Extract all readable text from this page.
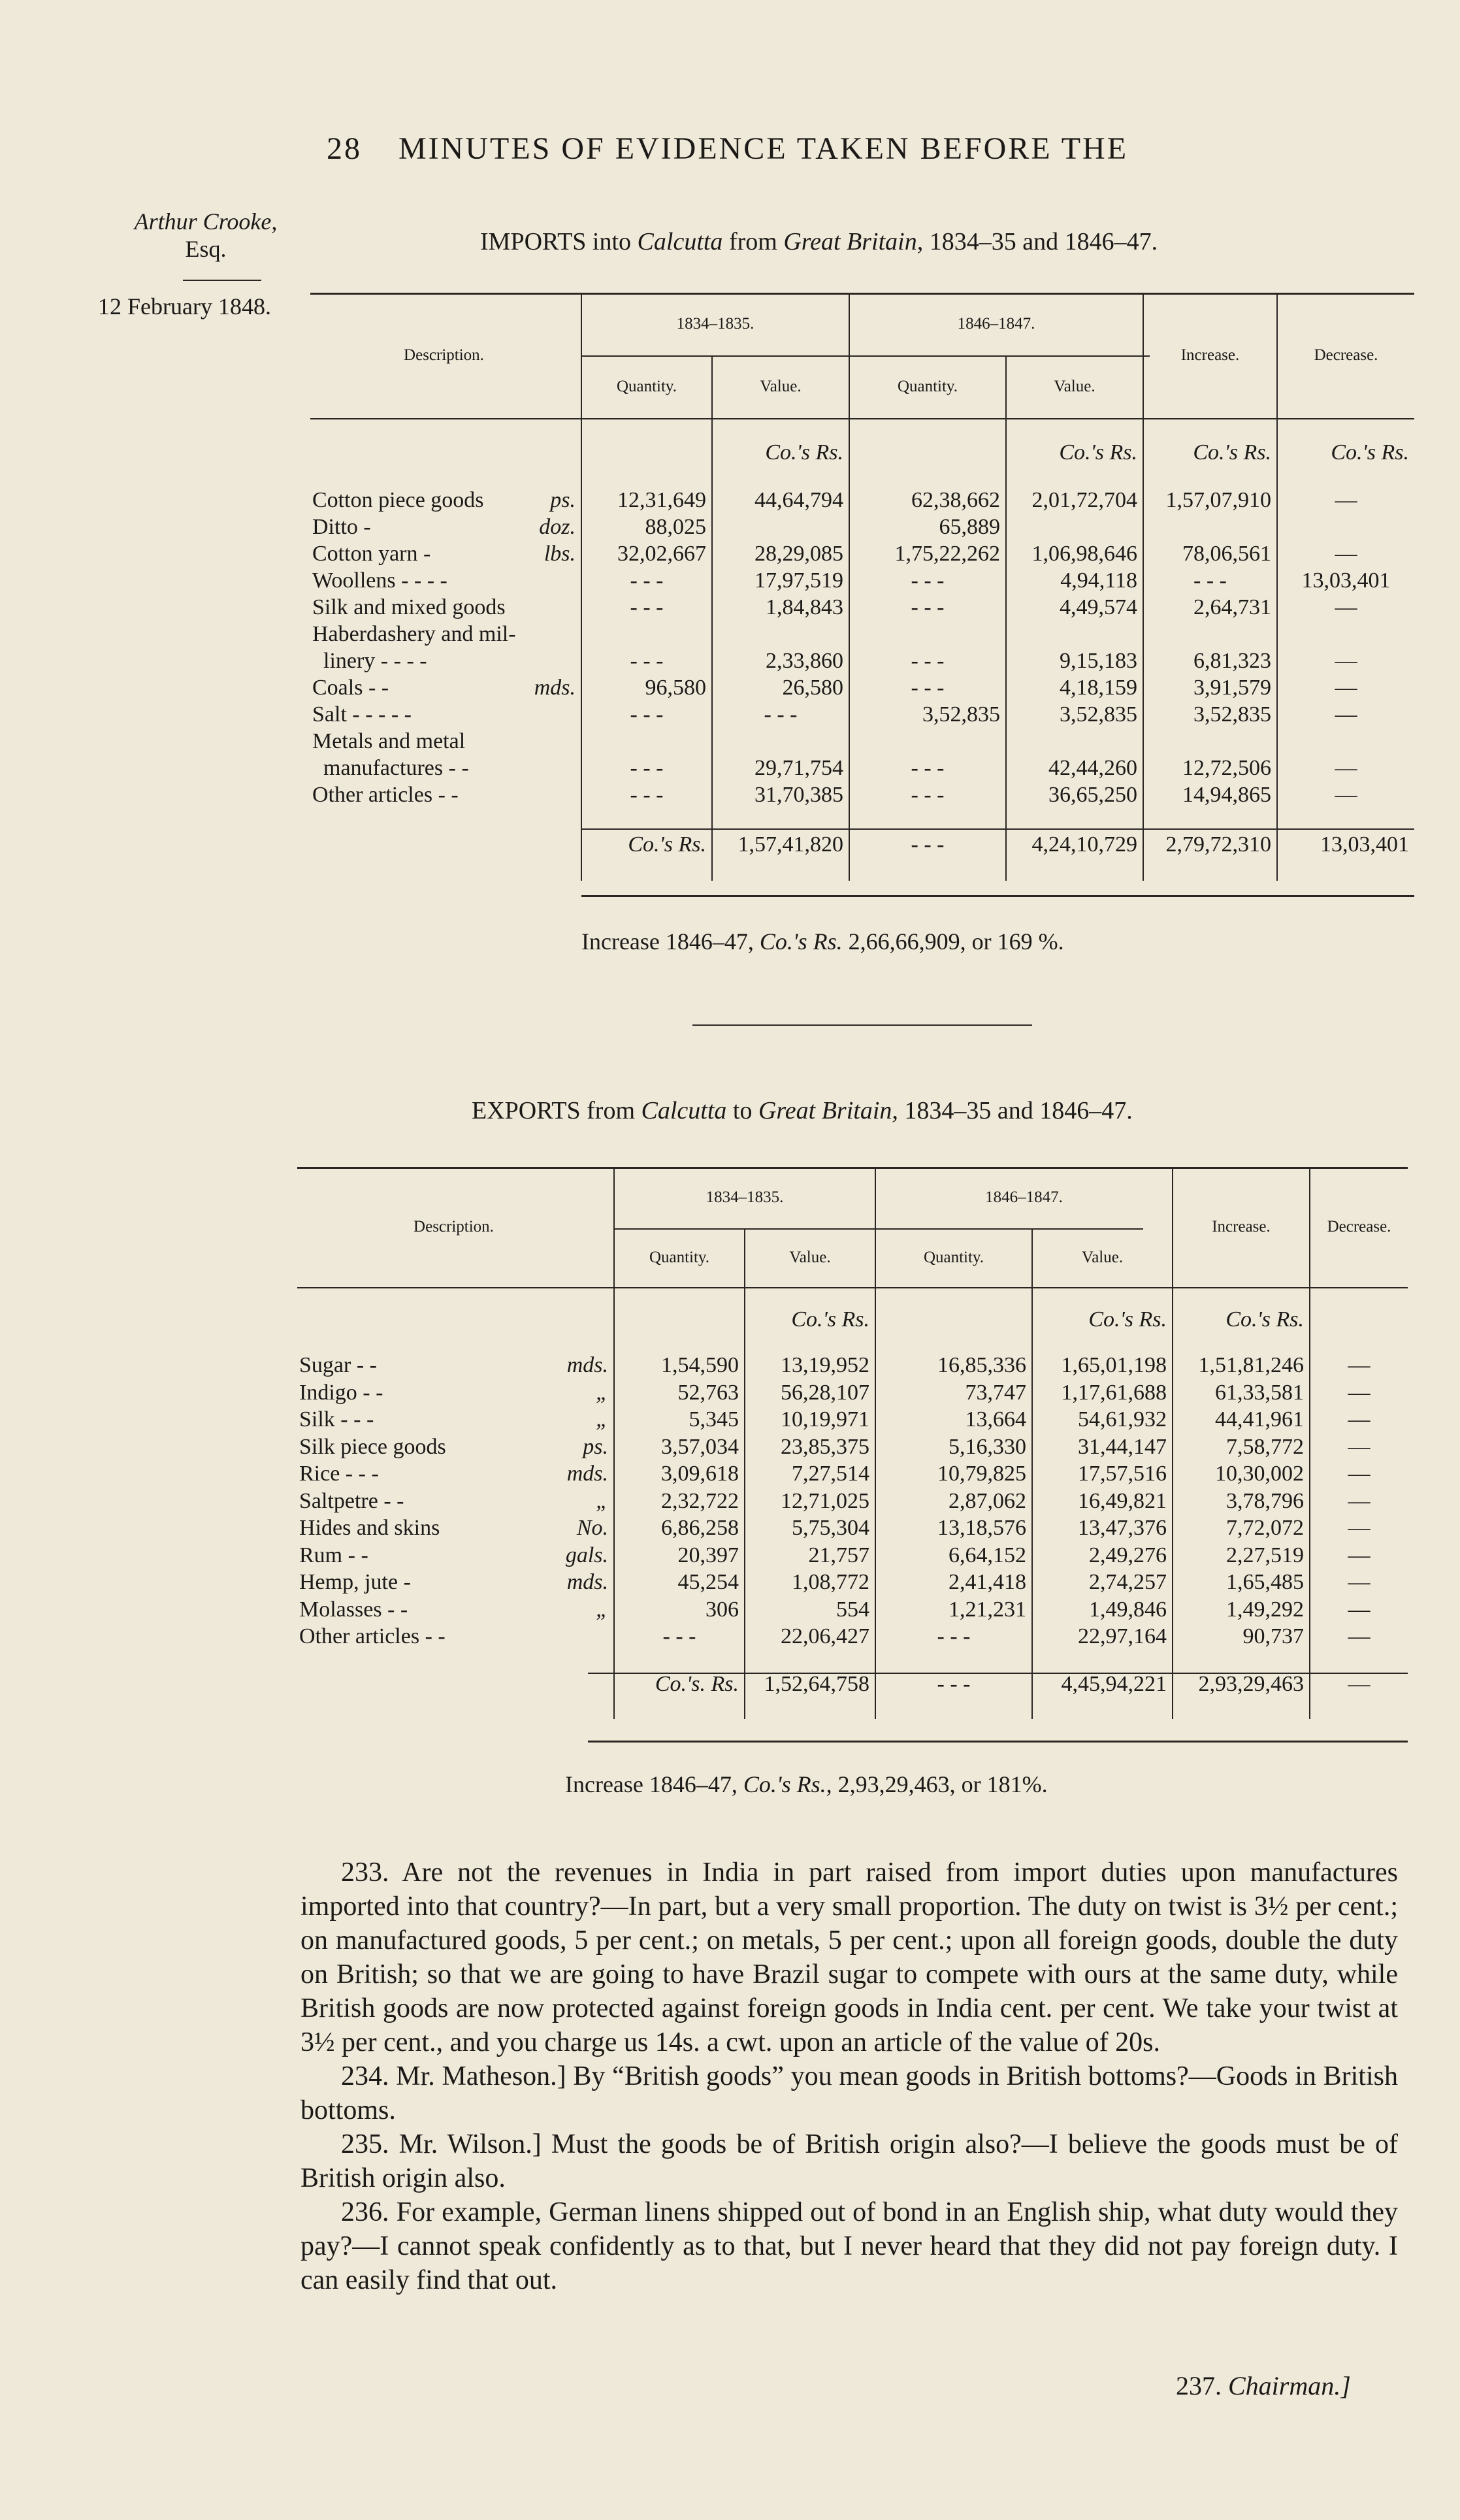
28 MINUTES OF EVIDENCE TAKEN BEFORE THE
Arthur Crooke,
Esq.
12 February 1848.
IMPORTS into Calcutta from Great Britain, 1834–35 and 1846–47.
Description.	1834–1835.		1846–1847.		Increase.	Decrease.
	Quantity.	Value.	Quantity.	Value.		
		Co.'s Rs.		Co.'s Rs.	Co.'s Rs.	Co.'s Rs.
Cotton piece goods ps.	12,31,649	44,64,794	62,38,662	2,01,72,704	1,57,07,910	—
Ditto - doz.	88,025		65,889			
Cotton yarn - lbs.	32,02,667	28,29,085	1,75,22,262	1,06,98,646	78,06,561	—
Woollens - - - -	- - -	17,97,519	- - -	4,94,118	- - -	13,03,401
Silk and mixed goods	- - -	1,84,843	- - -	4,49,574	2,64,731	—
Haberdashery and mil-						
linery - - - -	- - -	2,33,860	- - -	9,15,183	6,81,323	—
Coals - - mds.	96,580	26,580	- - -	4,18,159	3,91,579	—
Salt - - - - -	- - -	- - -	3,52,835	3,52,835	3,52,835	—
Metals and metal						
manufactures - -	- - -	29,71,754	- - -	42,44,260	12,72,506	—
Other articles - -	- - -	31,70,385	- - -	36,65,250	14,94,865	—
	Co.'s Rs.	1,57,41,820	- - -	4,24,10,729	2,79,72,310	13,03,401
Increase 1846–47, Co.'s Rs. 2,66,66,909, or 169 %.
EXPORTS from Calcutta to Great Britain, 1834–35 and 1846–47.
Description.	1834–1835.		1846–1847.		Increase.	Decrease.
	Quantity.	Value.	Quantity.	Value.		
		Co.'s Rs.		Co.'s Rs.	Co.'s Rs.	
Sugar - - mds.	1,54,590	13,19,952	16,85,336	1,65,01,198	1,51,81,246	—
Indigo - - „	52,763	56,28,107	73,747	1,17,61,688	61,33,581	—
Silk - - - „	5,345	10,19,971	13,664	54,61,932	44,41,961	—
Silk piece goods ps.	3,57,034	23,85,375	5,16,330	31,44,147	7,58,772	—
Rice - - - mds.	3,09,618	7,27,514	10,79,825	17,57,516	10,30,002	—
Saltpetre - - „	2,32,722	12,71,025	2,87,062	16,49,821	3,78,796	—
Hides and skins No.	6,86,258	5,75,304	13,18,576	13,47,376	7,72,072	—
Rum - - gals.	20,397	21,757	6,64,152	2,49,276	2,27,519	—
Hemp, jute - mds.	45,254	1,08,772	2,41,418	2,74,257	1,65,485	—
Molasses - - „	306	554	1,21,231	1,49,846	1,49,292	—
Other articles - -	- - -	22,06,427	- - -	22,97,164	90,737	—
	Co.'s. Rs.	1,52,64,758	- - -	4,45,94,221	2,93,29,463	—
Increase 1846–47, Co.'s Rs., 2,93,29,463, or 181%.

233. Are not the revenues in India in part raised from import duties upon manufactures imported into that country?—In part, but a very small proportion. The duty on twist is 3½ per cent.; on manufactured goods, 5 per cent.; on metals, 5 per cent.; upon all foreign goods, double the duty on British; so that we are going to have Brazil sugar to compete with ours at the same duty, while British goods are now protected against foreign goods in India cent. per cent. We take your twist at 3½ per cent., and you charge us 14s. a cwt. upon an article of the value of 20s.

234. Mr. Matheson.] By “British goods” you mean goods in British bottoms?—Goods in British bottoms.

235. Mr. Wilson.] Must the goods be of British origin also?—I believe the goods must be of British origin also.

236. For example, German linens shipped out of bond in an English ship, what duty would they pay?—I cannot speak confidently as to that, but I never heard that they did not pay foreign duty. I can easily find that out.

237. Chairman.]
